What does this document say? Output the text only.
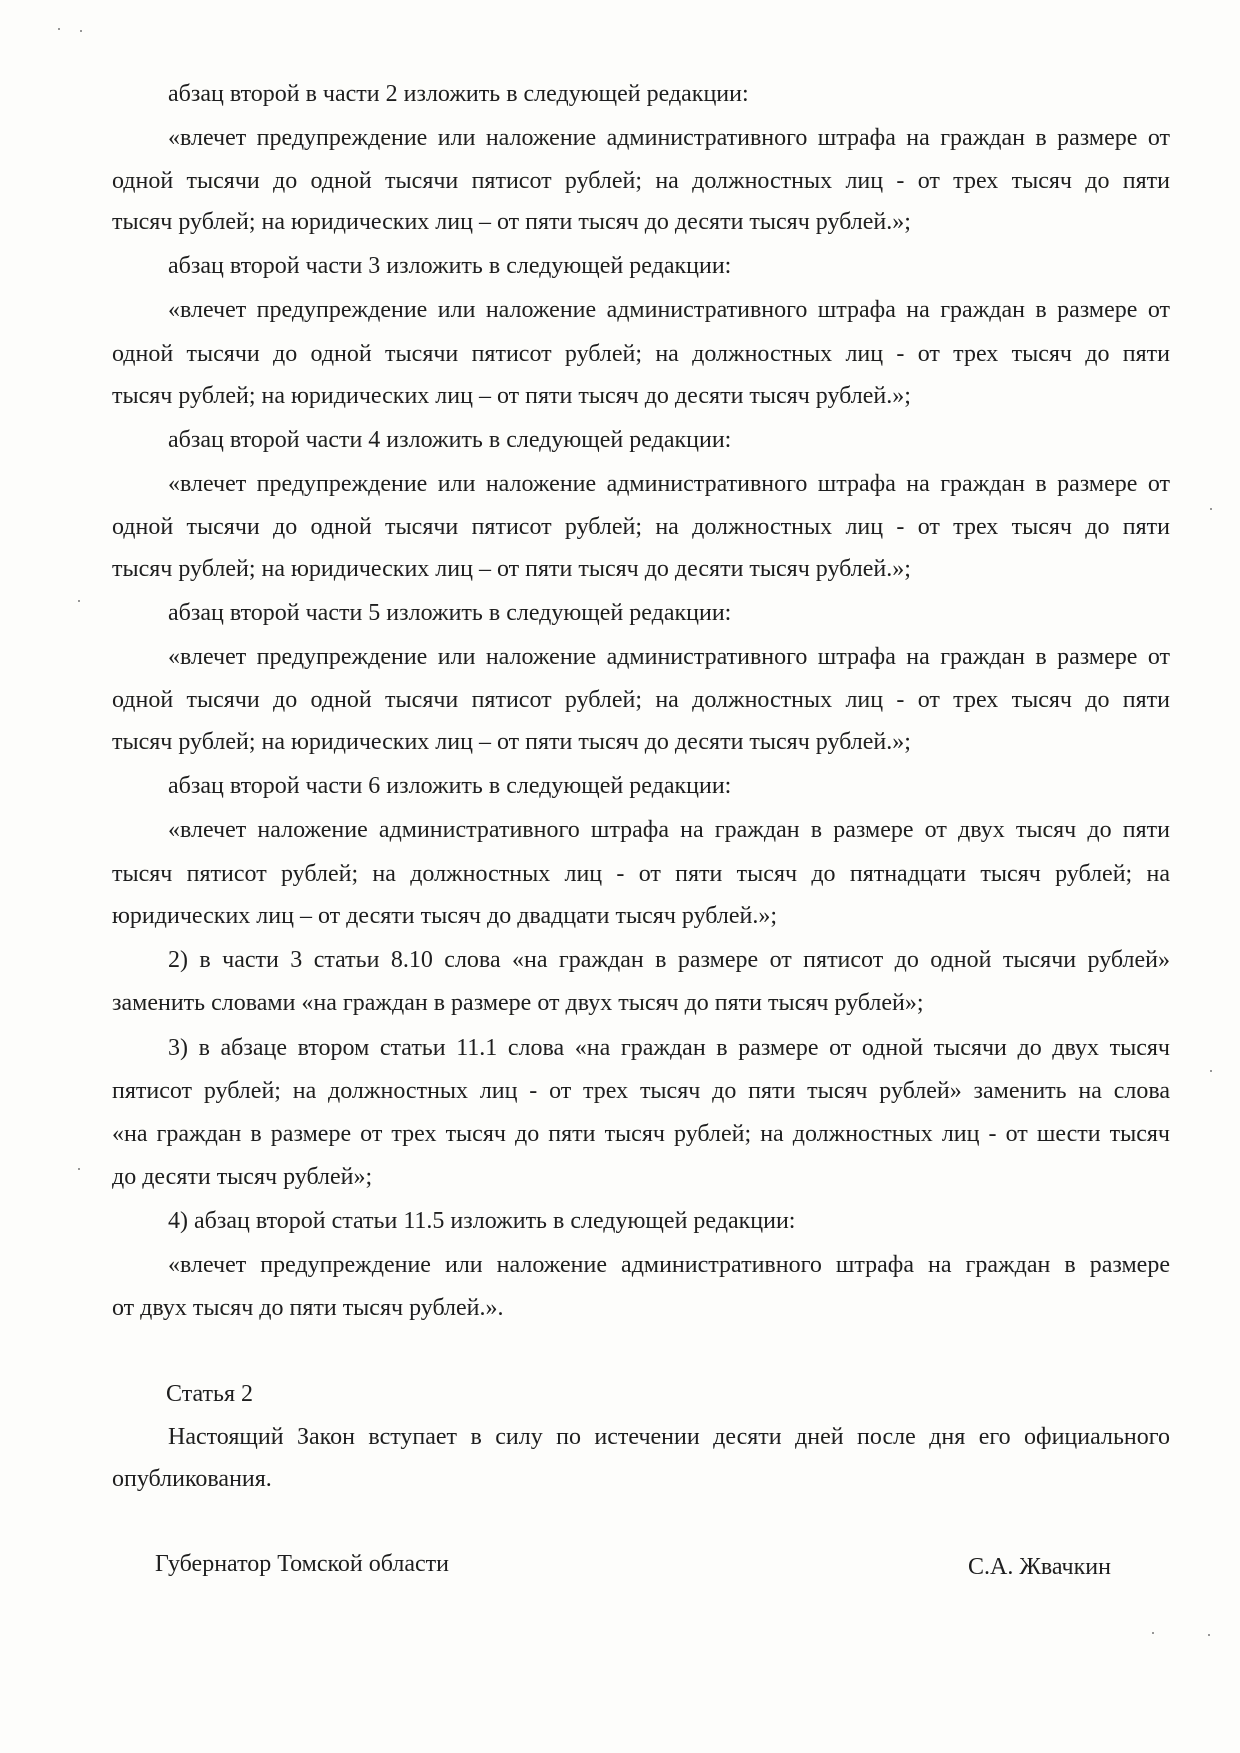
абзац второй в части 2 изложить в следующей редакции:
«влечет предупреждение или наложение административного штрафа на граждан в размере от
одной тысячи до одной тысячи пятисот рублей; на должностных лиц - от трех тысяч до пяти
тысяч рублей; на юридических лиц – от пяти тысяч до десяти тысяч рублей.»;
абзац второй части 3 изложить в следующей редакции:
«влечет предупреждение или наложение административного штрафа на граждан в размере от
одной тысячи до одной тысячи пятисот рублей; на должностных лиц - от трех тысяч до пяти
тысяч рублей; на юридических лиц – от пяти тысяч до десяти тысяч рублей.»;
абзац второй части 4 изложить в следующей редакции:
«влечет предупреждение или наложение административного штрафа на граждан в размере от
одной тысячи до одной тысячи пятисот рублей; на должностных лиц - от трех тысяч до пяти
тысяч рублей; на юридических лиц – от пяти тысяч до десяти тысяч рублей.»;
абзац второй части 5 изложить в следующей редакции:
«влечет предупреждение или наложение административного штрафа на граждан в размере от
одной тысячи до одной тысячи пятисот рублей; на должностных лиц - от трех тысяч до пяти
тысяч рублей; на юридических лиц – от пяти тысяч до десяти тысяч рублей.»;
абзац второй части 6 изложить в следующей редакции:
«влечет наложение административного штрафа на граждан в размере от двух тысяч до пяти
тысяч пятисот рублей; на должностных лиц - от пяти тысяч до пятнадцати тысяч рублей; на
юридических лиц – от десяти тысяч до двадцати тысяч рублей.»;
2) в части 3 статьи 8.10 слова «на граждан в размере от пятисот до одной тысячи рублей»
заменить словами «на граждан в размере от двух тысяч до пяти тысяч рублей»;
3) в абзаце втором статьи 11.1 слова «на граждан в размере от одной тысячи до двух тысяч
пятисот рублей; на должностных лиц - от трех тысяч до пяти тысяч рублей» заменить на слова
«на граждан в размере от трех тысяч до пяти тысяч рублей; на должностных лиц - от шести тысяч
до десяти тысяч рублей»;
4) абзац второй статьи 11.5 изложить в следующей редакции:
«влечет предупреждение или наложение административного штрафа на граждан в размере
от двух тысяч до пяти тысяч рублей.».
Статья 2
Настоящий Закон вступает в силу по истечении десяти дней после дня его официального
опубликования.
Губернатор Томской области	С.А. Жвачкин
